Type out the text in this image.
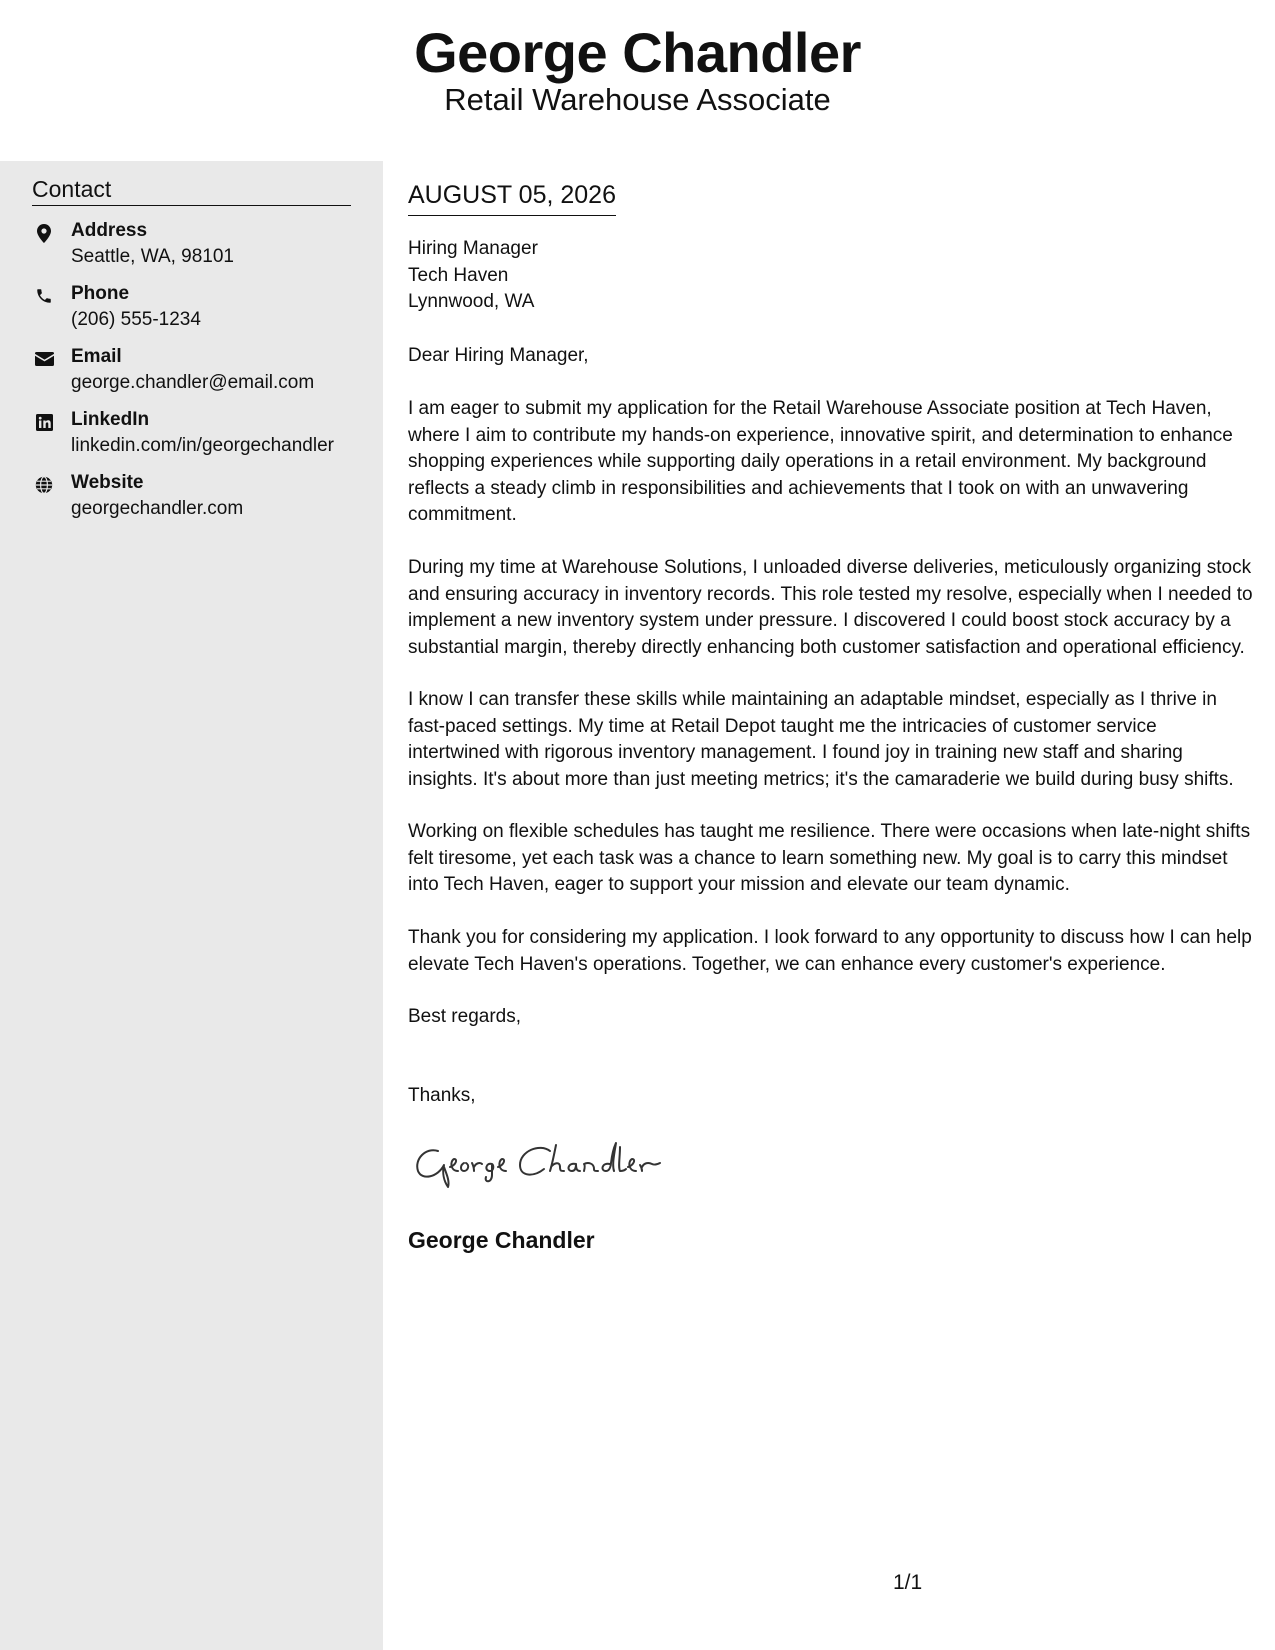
George Chandler
Retail Warehouse Associate
Contact
Address
Seattle, WA, 98101
Phone
(206) 555-1234
Email
george.chandler@email.com
LinkedIn
linkedin.com/in/georgechandler
Website
georgechandler.com
AUGUST 05, 2026
Hiring Manager
Tech Haven
Lynnwood, WA
Dear Hiring Manager,
I am eager to submit my application for the Retail Warehouse Associate position at Tech Haven, where I aim to contribute my hands-on experience, innovative spirit, and determination to enhance shopping experiences while supporting daily operations in a retail environment. My background reflects a steady climb in responsibilities and achievements that I took on with an unwavering commitment.
During my time at Warehouse Solutions, I unloaded diverse deliveries, meticulously organizing stock and ensuring accuracy in inventory records. This role tested my resolve, especially when I needed to implement a new inventory system under pressure. I discovered I could boost stock accuracy by a substantial margin, thereby directly enhancing both customer satisfaction and operational efficiency.
I know I can transfer these skills while maintaining an adaptable mindset, especially as I thrive in fast-paced settings. My time at Retail Depot taught me the intricacies of customer service intertwined with rigorous inventory management. I found joy in training new staff and sharing insights. It's about more than just meeting metrics; it's the camaraderie we build during busy shifts.
Working on flexible schedules has taught me resilience. There were occasions when late-night shifts felt tiresome, yet each task was a chance to learn something new. My goal is to carry this mindset into Tech Haven, eager to support your mission and elevate our team dynamic.
Thank you for considering my application. I look forward to any opportunity to discuss how I can help elevate Tech Haven's operations. Together, we can enhance every customer's experience.
Best regards,
Thanks,
George Chandler
1/1
